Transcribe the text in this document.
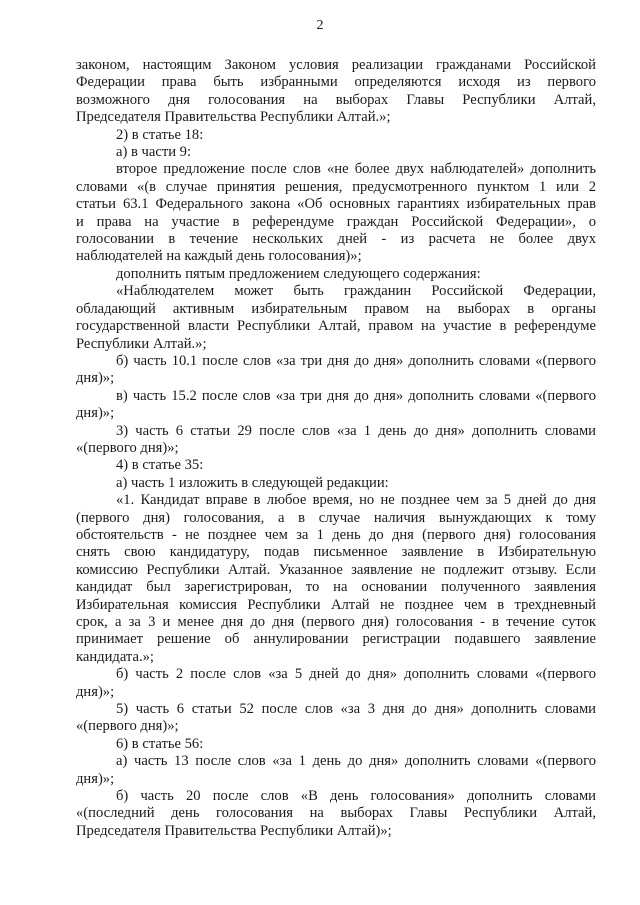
2

законом, настоящим Законом условия реализации гражданами Российской

Федерации права быть избранными определяются исходя из первого

возможного дня голосования на выборах Главы Республики Алтай,

Председателя Правительства Республики Алтай.»;

2) в статье 18:

а) в части 9:

второе предложение после слов «не более двух наблюдателей» дополнить

словами «(в случае принятия решения, предусмотренного пунктом 1 или 2

статьи 63.1 Федерального закона «Об основных гарантиях избирательных прав

и права на участие в референдуме граждан Российской Федерации», о

голосовании в течение нескольких дней - из расчета не более двух

наблюдателей на каждый день голосования)»;

дополнить пятым предложением следующего содержания:

«Наблюдателем может быть гражданин Российской Федерации,

обладающий активным избирательным правом на выборах в органы

государственной власти Республики Алтай, правом на участие в референдуме

Республики Алтай.»;

б) часть 10.1 после слов «за три дня до дня» дополнить словами «(первого

дня)»;

в) часть 15.2 после слов «за три дня до дня» дополнить словами «(первого

дня)»;

3) часть 6 статьи 29 после слов «за 1 день до дня» дополнить словами

«(первого дня)»;

4) в статье 35:

а) часть 1 изложить в следующей редакции:

«1. Кандидат вправе в любое время, но не позднее чем за 5 дней до дня

(первого дня) голосования, а в случае наличия вынуждающих к тому

обстоятельств - не позднее чем за 1 день до дня (первого дня) голосования

снять свою кандидатуру, подав письменное заявление в Избирательную

комиссию Республики Алтай. Указанное заявление не подлежит отзыву. Если

кандидат был зарегистрирован, то на основании полученного заявления

Избирательная комиссия Республики Алтай не позднее чем в трехдневный

срок, а за 3 и менее дня до дня (первого дня) голосования - в течение суток

принимает решение об аннулировании регистрации подавшего заявление

кандидата.»;

б) часть 2 после слов «за 5 дней до дня» дополнить словами «(первого

дня)»;

5) часть 6 статьи 52 после слов «за 3 дня до дня» дополнить словами

«(первого дня)»;

6) в статье 56:

а) часть 13 после слов «за 1 день до дня» дополнить словами «(первого

дня)»;

б) часть 20 после слов «В день голосования» дополнить словами

«(последний день голосования на выборах Главы Республики Алтай,

Председателя Правительства Республики Алтай)»;
